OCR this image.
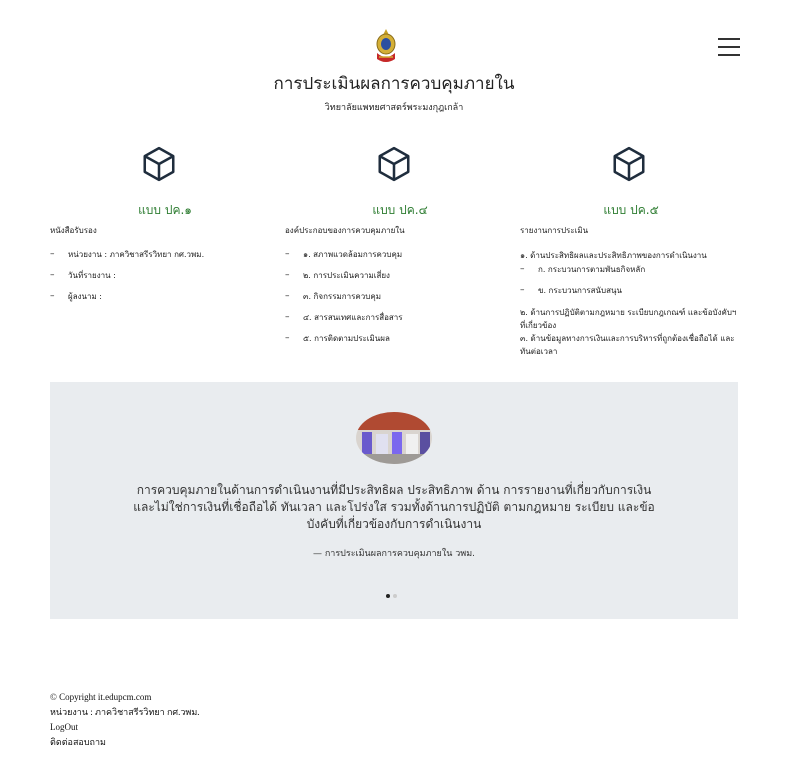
การประเมินผลการควบคุมภายใน
วิทยาลัยแพทยศาสตร์พระมงกุฎเกล้า
แบบ ปค.๑
หนังสือรับรอง
– หน่วยงาน : ภาควิชาสรีรวิทยา กศ.วพม.
– วันที่รายงาน :
– ผู้ลงนาม :
แบบ ปค.๔
องค์ประกอบของการควบคุมภายใน
– ๑. สภาพแวดล้อมการควบคุม
– ๒. การประเมินความเสี่ยง
– ๓. กิจกรรมการควบคุม
– ๔. สารสนเทศและการสื่อสาร
– ๕. การติดตามประเมินผล
แบบ ปค.๕
รายงานการประเมิน
๑. ด้านประสิทธิผลและประสิทธิภาพของการดำเนินงาน
– ก. กระบวนการตามพันธกิจหลัก
– ข. กระบวนการสนับสนุน
๒. ด้านการปฏิบัติตามกฎหมาย ระเบียบกฎเกณฑ์ และข้อบังคับฯ ที่เกี่ยวข้อง
๓. ด้านข้อมูลทางการเงินและการบริหารที่ถูกต้องเชื่อถือได้ และทันต่อเวลา
การควบคุมภายในด้านการดำเนินงานที่มีประสิทธิผล ประสิทธิภาพ ด้าน การรายงานที่เกี่ยวกับการเงิน และไม่ใช่การเงินที่เชื่อถือได้ ทันเวลา และโปร่งใส รวมทั้งด้านการปฏิบัติ ตามกฎหมาย ระเบียบ และข้อบังคับที่เกี่ยวข้องกับการดำเนินงาน
— การประเมินผลการควบคุมภายใน วพม.
© Copyright it.edupcm.com
หน่วยงาน : ภาควิชาสรีรวิทยา กศ.วพม.
LogOut
ติดต่อสอบถาม
